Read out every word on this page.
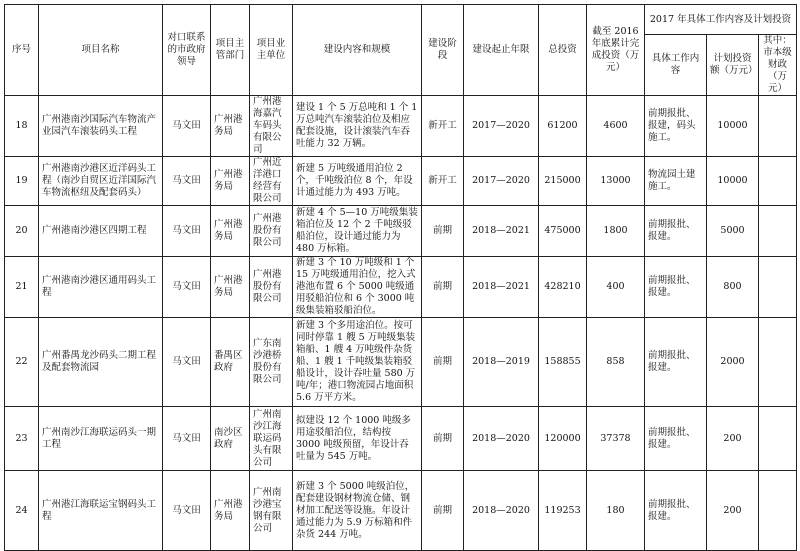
序号	项目名称	对口联系的市政府领导	项目主管部门	项目业主单位	建设内容和规模	建设阶段	建设起止年限	总投资	截至 2016 年底累计完成投资（万元）	2017 年具体工作内容及计划投资		
										具体工作内容	计划投资额（万元）	其中：市本级财政（万元）
18	广州港南沙国际汽车物流产业园汽车滚装码头工程	马文田	广州港务局	广州港海嘉汽车码头有限公司	建设 1 个 5 万总吨和 1 个 1 万总吨汽车滚装泊位及相应配套设施，设计滚装汽车吞吐能力 32 万辆。	新开工	2017—2020	61200	4600	前期报批、报建，码头施工。	10000	
19	广州港南沙港区近洋码头工程（南沙自贸区近洋国际汽车物流枢纽及配套码头）	马文田	广州港务局	广州近洋港口经营有限公司	新建 5 万吨级通用泊位 2 个，千吨级泊位 8 个，年设计通过能力为 493 万吨。	新开工	2017—2020	215000	13000	物流园土建施工。	10000	
20	广州港南沙港区四期工程	马文田	广州港务局	广州港股份有限公司	新建 4 个 5—10 万吨级集装箱泊位及 12 个 2 千吨级驳船泊位，设计通过能力为 480 万标箱。	前期	2018—2021	475000	1800	前期报批、报建。	5000	
21	广州港南沙港区通用码头工程	马文田	广州港务局	广州港股份有限公司	新建 3 个 10 万吨级和 1 个 15 万吨级通用泊位，挖入式港池布置 6 个 5000 吨级通用驳船泊位和 6 个 3000 吨级集装箱驳船泊位。	前期	2018—2021	428210	400	前期报批、报建。	800	
22	广州番禺龙沙码头二期工程及配套物流园	马文田	番禺区政府	广东南沙港桥股份有限公司	新建 3 个多用途泊位。按可同时停靠 1 艘 5 万吨级集装箱船、1 艘 4 万吨级件杂货船、1 艘 1 千吨级集装箱驳船设计，设计吞吐量 580 万吨/年；港口物流园占地面积 5.6 万平方米。	前期	2018—2019	158855	858	前期报批、报建。	2000	
23	广州南沙江海联运码头一期工程	马文田	南沙区政府	广州南沙江海联运码头有限公司	拟建设 12 个 1000 吨级多用途驳船泊位，结构按 3000 吨级预留，年设计吞吐量为 545 万吨。	前期	2018—2020	120000	37378	前期报批、报建。	200	
24	广州港江海联运宝钢码头工程	马文田	广州港务局	广州南沙港宝钢有限公司	新建 3 个 5000 吨级泊位，配套建设钢材物流仓储、钢材加工配送等设施。年设计通过能力为 5.9 万标箱和件杂货 244 万吨。	前期	2018—2020	119253	180	前期报批、报建。	200	
